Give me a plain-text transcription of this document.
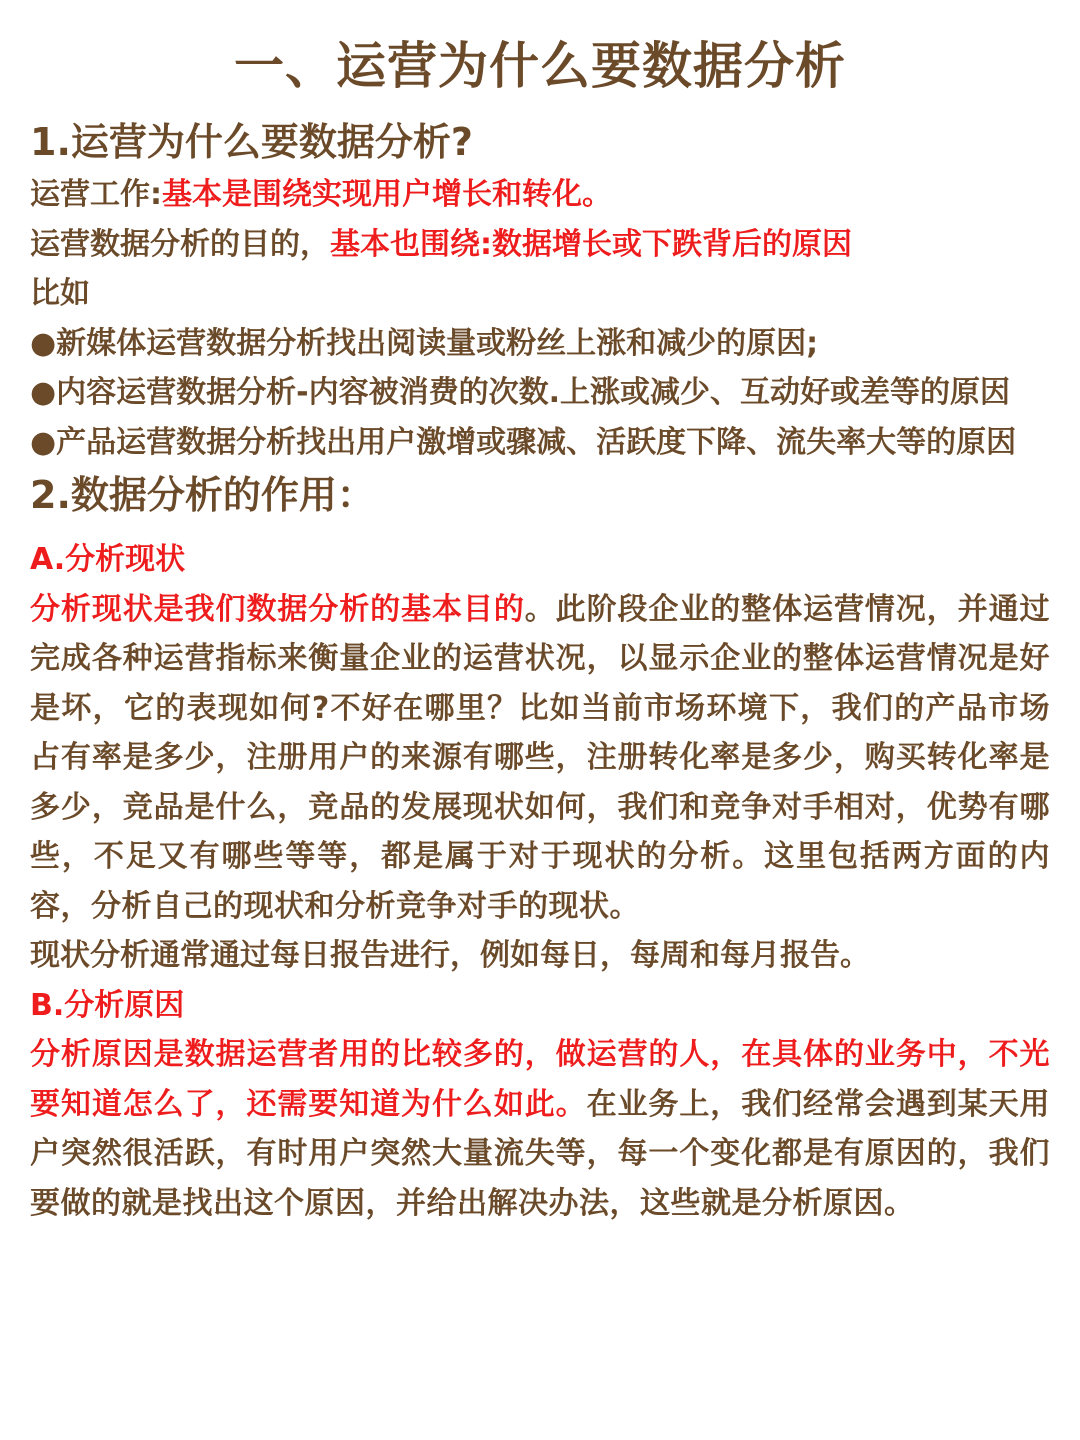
一、运营为什么要数据分析
1.运营为什么要数据分析?

运营工作:基本是围绕实现用户增长和转化。

运营数据分析的目的，基本也围绕:数据增长或下跌背后的原因

比如

●新媒体运营数据分析找出阅读量或粉丝上涨和减少的原因;

●内容运营数据分析-内容被消费的次数.上涨或减少、互动好或差等的原因

●产品运营数据分析找出用户激增或骤减、活跃度下降、流失率大等的原因

2.数据分析的作用：

A.分析现状

分析现状是我们数据分析的基本目的。此阶段企业的整体运营情况，并通过完成各种运营指标来衡量企业的运营状况，以显示企业的整体运营情况是好是坏，它的表现如何?不好在哪里？比如当前市场环境下，我们的产品市场占有率是多少，注册用户的来源有哪些，注册转化率是多少，购买转化率是多少，竞品是什么，竞品的发展现状如何，我们和竞争对手相对，优势有哪些，不足又有哪些等等，都是属于对于现状的分析。这里包括两方面的内容，分析自己的现状和分析竞争对手的现状。

现状分析通常通过每日报告进行，例如每日，每周和每月报告。

B.分析原因

分析原因是数据运营者用的比较多的，做运营的人，在具体的业务中，不光要知道怎么了，还需要知道为什么如此。在业务上，我们经常会遇到某天用户突然很活跃，有时用户突然大量流失等，每一个变化都是有原因的，我们要做的就是找出这个原因，并给出解决办法，这些就是分析原因。
